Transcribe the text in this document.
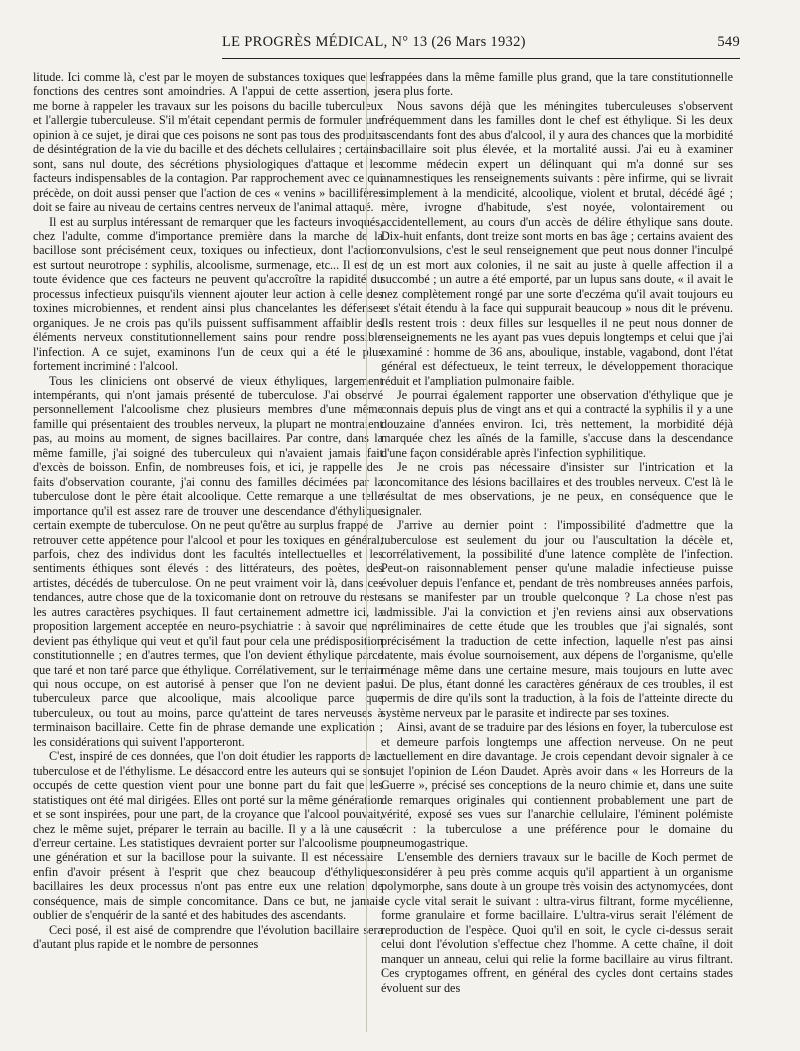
LE PROGRÈS MÉDICAL, N° 13 (26 Mars 1932)	549

litude. Ici comme là, c'est par le moyen de substances toxiques que les fonctions des centres sont amoindries. A l'appui de cette assertion, je me borne à rappeler les travaux sur les poisons du bacille tuberculeux et l'allergie tuberculeuse. S'il m'était cependant permis de formuler une opinion à ce sujet, je dirai que ces poisons ne sont pas tous des produits de désintégration de la vie du bacille et des déchets cellulaires ; certains sont, sans nul doute, des sécrétions physiologiques d'attaque et les facteurs indispensables de la contagion. Par rapprochement avec ce qui précède, on doit aussi penser que l'action de ces « venins » bacillifères doit se faire au niveau de certains centres nerveux de l'animal attaqué.

Il est au surplus intéressant de remarquer que les facteurs invoqués, chez l'adulte, comme d'importance première dans la marche de la bacillose sont précisément ceux, toxiques ou infectieux, dont l'action est surtout neurotrope : syphilis, alcoolisme, surmenage, etc... Il est de toute évidence que ces facteurs ne peuvent qu'accroître la rapidité du processus infectieux puisqu'ils viennent ajouter leur action à celle des toxines microbiennes, et rendent ainsi plus chancelantes les défenses organiques. Je ne crois pas qu'ils puissent suffisamment affaiblir des éléments nerveux constitutionnellement sains pour rendre possible l'infection. A ce sujet, examinons l'un de ceux qui a été le plus fortement incriminé : l'alcool.

Tous les cliniciens ont observé de vieux éthyliques, largement intempérants, qui n'ont jamais présenté de tuberculose. J'ai observé personnellement l'alcoolisme chez plusieurs membres d'une même famille qui présentaient des troubles nerveux, la plupart ne montraient pas, au moins au moment, de signes bacillaires. Par contre, dans la même famille, j'ai soigné des tuberculeux qui n'avaient jamais fait d'excès de boisson. Enfin, de nombreuses fois, et ici, je rappelle des faits d'observation courante, j'ai connu des familles décimées par la tuberculose dont le père était alcoolique. Cette remarque a une telle importance qu'il est assez rare de trouver une descendance d'éthylique certain exempte de tuberculose. On ne peut qu'être au surplus frappé de retrouver cette appétence pour l'alcool et pour les toxiques en général, parfois, chez des individus dont les facultés intellectuelles et les sentiments éthiques sont élevés : des littérateurs, des poètes, des artistes, décédés de tuberculose. On ne peut vraiment voir là, dans ces tendances, autre chose que de la toxicomanie dont on retrouve du reste les autres caractères psychiques. Il faut certainement admettre ici, la proposition largement acceptée en neuro-psychiatrie : à savoir que ne devient pas éthylique qui veut et qu'il faut pour cela une prédisposition constitutionnelle ; en d'autres termes, que l'on devient éthylique parce que taré et non taré parce que éthylique. Corrélativement, sur le terrain qui nous occupe, on est autorisé à penser que l'on ne devient pas tuberculeux parce que alcoolique, mais alcoolique parce que tuberculeux, ou tout au moins, parce qu'atteint de tares nerveuses à terminaison bacillaire. Cette fin de phrase demande une explication ; les considérations qui suivent l'apporteront.

C'est, inspiré de ces données, que l'on doit étudier les rapports de la tuberculose et de l'éthylisme. Le désaccord entre les auteurs qui se sont occupés de cette question vient pour une bonne part du fait que les statistiques ont été mal dirigées. Elles ont porté sur la même génération et se sont inspirées, pour une part, de la croyance que l'alcool pouvait, chez le même sujet, préparer le terrain au bacille. Il y a là une cause d'erreur certaine. Les statistiques devraient porter sur l'alcoolisme pour une génération et sur la bacillose pour la suivante. Il est nécessaire enfin d'avoir présent à l'esprit que chez beaucoup d'éthyliques bacillaires les deux processus n'ont pas entre eux une relation de conséquence, mais de simple concomitance. Dans ce but, ne jamais oublier de s'enquérir de la santé et des habitudes des ascendants.

Ceci posé, il est aisé de comprendre que l'évolution bacillaire sera d'autant plus rapide et le nombre de personnes

frappées dans la même famille plus grand, que la tare constitutionnelle sera plus forte.

Nous savons déjà que les méningites tuberculeuses s'observent fréquemment dans les familles dont le chef est éthylique. Si les deux ascendants font des abus d'alcool, il y aura des chances que la morbidité bacillaire soit plus élevée, et la mortalité aussi. J'ai eu à examiner comme médecin expert un délinquant qui m'a donné sur ses anamnestiques les renseignements suivants : père infirme, qui se livrait simplement à la mendicité, alcoolique, violent et brutal, décédé âgé ; mère, ivrogne d'habitude, s'est noyée, volontairement ou accidentellement, au cours d'un accès de délire éthylique sans doute. Dix-huit enfants, dont treize sont morts en bas âge ; certains avaient des convulsions, c'est le seul renseignement que peut nous donner l'inculpé ; un est mort aux colonies, il ne sait au juste à quelle affection il a succombé ; un autre a été emporté, par un lupus sans doute, « il avait le nez complètement rongé par une sorte d'eczéma qu'il avait toujours eu et s'était étendu à la face qui suppurait beaucoup » nous dit le prévenu. Ils restent trois : deux filles sur lesquelles il ne peut nous donner de renseignements ne les ayant pas vues depuis longtemps et celui que j'ai examiné : homme de 36 ans, aboulique, instable, vagabond, dont l'état général est défectueux, le teint terreux, le développement thoracique réduit et l'ampliation pulmonaire faible.

Je pourrai également rapporter une observation d'éthylique que je connais depuis plus de vingt ans et qui a contracté la syphilis il y a une douzaine d'années environ. Ici, très nettement, la morbidité déjà marquée chez les aînés de la famille, s'accuse dans la descendance d'une façon considérable après l'infection syphilitique.

Je ne crois pas nécessaire d'insister sur l'intrication et la concomitance des lésions bacillaires et des troubles nerveux. C'est là le résultat de mes observations, je ne peux, en conséquence que le signaler.

J'arrive au dernier point : l'impossibilité d'admettre que la tuberculose est seulement du jour ou l'auscultation la décèle et, corrélativement, la possibilité d'une latence complète de l'infection. Peut-on raisonnablement penser qu'une maladie infectieuse puisse évoluer depuis l'enfance et, pendant de très nombreuses années parfois, sans se manifester par un trouble quelconque ? La chose n'est pas admissible. J'ai la conviction et j'en reviens ainsi aux observations préliminaires de cette étude que les troubles que j'ai signalés, sont précisément la traduction de cette infection, laquelle n'est pas ainsi latente, mais évolue sournoisement, aux dépens de l'organisme, qu'elle ménage même dans une certaine mesure, mais toujours en lutte avec lui. De plus, étant donné les caractères généraux de ces troubles, il est permis de dire qu'ils sont la traduction, à la fois de l'atteinte directe du système nerveux par le parasite et indirecte par ses toxines.

Ainsi, avant de se traduire par des lésions en foyer, la tuberculose est et demeure parfois longtemps une affection nerveuse. On ne peut actuellement en dire davantage. Je crois cependant devoir signaler à ce sujet l'opinion de Léon Daudet. Après avoir dans « les Horreurs de la Guerre », précisé ses conceptions de la neuro chimie et, dans une suite de remarques originales qui contiennent probablement une part de vérité, exposé ses vues sur l'anarchie cellulaire, l'éminent polémiste écrit : la tuberculose a une préférence pour le domaine du pneumogastrique.

L'ensemble des derniers travaux sur le bacille de Koch permet de considérer à peu près comme acquis qu'il appartient à un organisme polymorphe, sans doute à un groupe très voisin des actynomycées, dont le cycle vital serait le suivant : ultra-virus filtrant, forme mycélienne, forme granulaire et forme bacillaire. L'ultra-virus serait l'élément de reproduction de l'espèce. Quoi qu'il en soit, le cycle ci-dessus serait celui dont l'évolution s'effectue chez l'homme. A cette chaîne, il doit manquer un anneau, celui qui relie la forme bacillaire au virus filtrant. Ces cryptogames offrent, en général des cycles dont certains stades évoluent sur des
